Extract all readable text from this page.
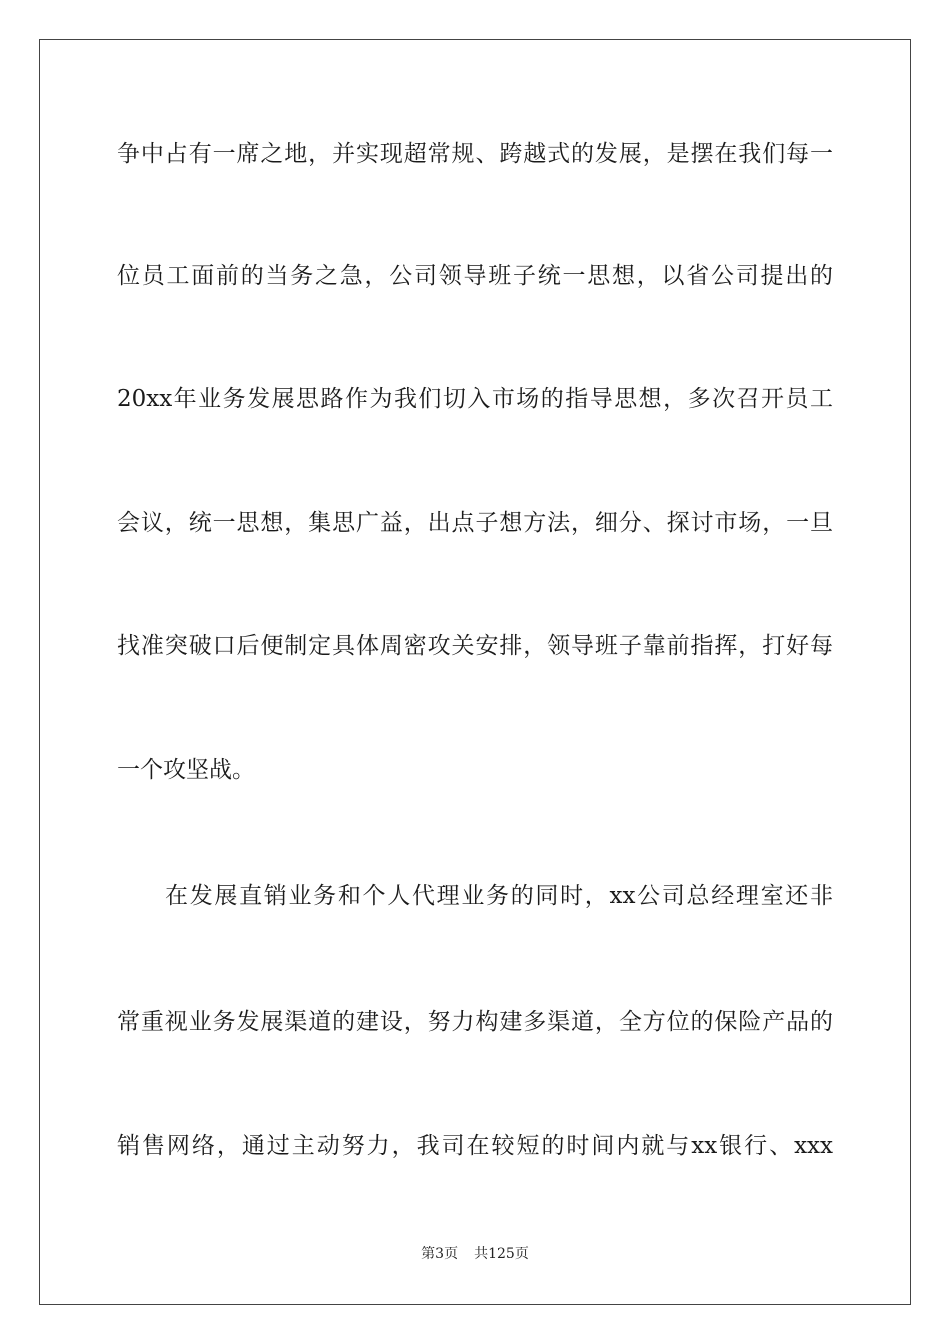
争中占有一席之地，并实现超常规、跨越式的发展，是摆在我们每一
位员工面前的当务之急，公司领导班子统一思想，以省公司提出的
20xx年业务发展思路作为我们切入市场的指导思想，多次召开员工
会议，统一思想，集思广益，出点子想方法，细分、探讨市场，一旦
找准突破口后便制定具体周密攻关安排，领导班子靠前指挥，打好每
一个攻坚战。
在发展直销业务和个人代理业务的同时，xx公司总经理室还非
常重视业务发展渠道的建设，努力构建多渠道，全方位的保险产品的
销售网络，通过主动努力，我司在较短的时间内就与xx银行、xxx
第3页 共125页
